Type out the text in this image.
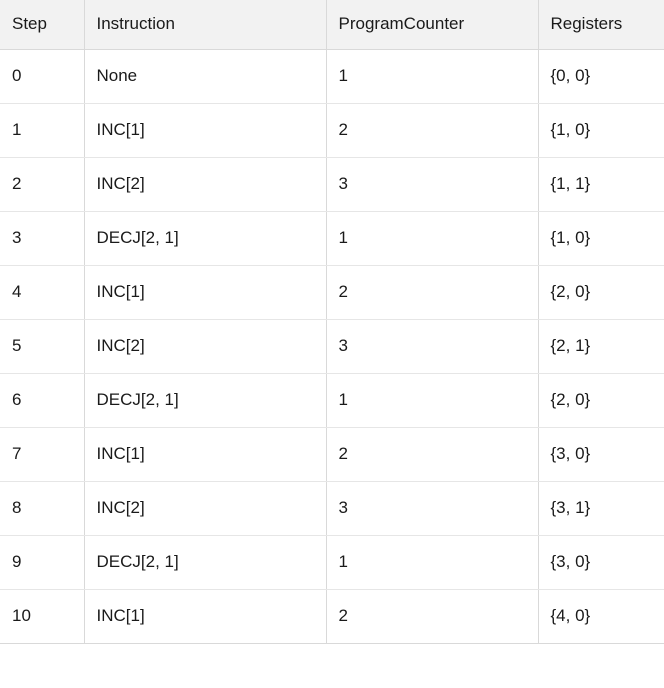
Step	Instruction	ProgramCounter	Registers
0	None	1	{0, 0}
1	INC[1]	2	{1, 0}
2	INC[2]	3	{1, 1}
3	DECJ[2, 1]	1	{1, 0}
4	INC[1]	2	{2, 0}
5	INC[2]	3	{2, 1}
6	DECJ[2, 1]	1	{2, 0}
7	INC[1]	2	{3, 0}
8	INC[2]	3	{3, 1}
9	DECJ[2, 1]	1	{3, 0}
10	INC[1]	2	{4, 0}
